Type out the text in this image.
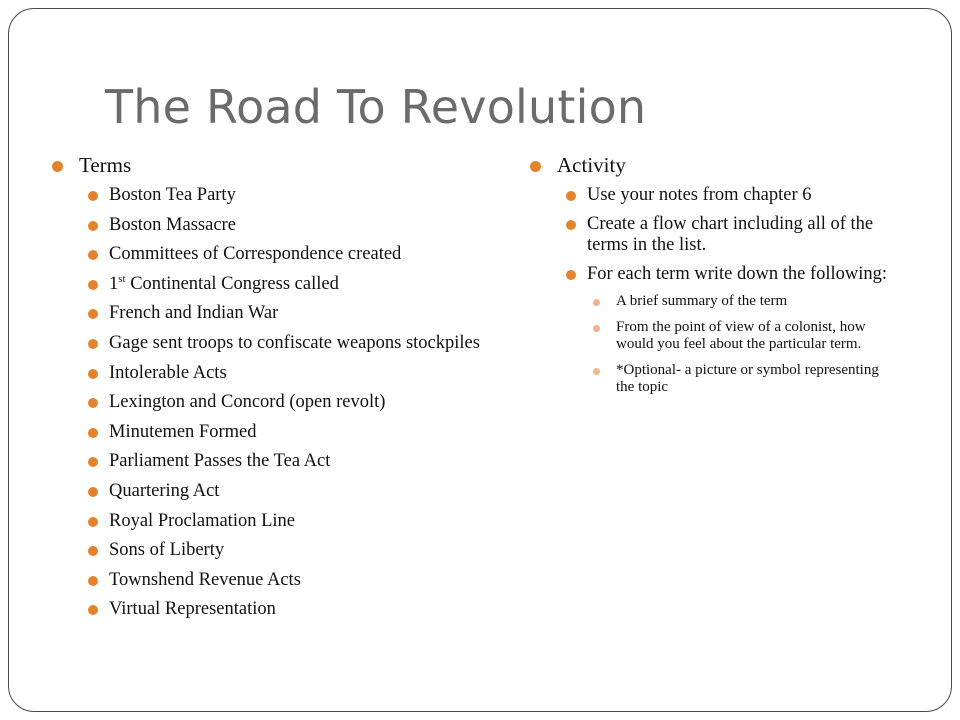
The Road To Revolution
Terms
Boston Tea Party
Boston Massacre
Committees of Correspondence created
1st Continental Congress called
French and Indian War
Gage sent troops to confiscate weapons stockpiles
Intolerable Acts
Lexington and Concord (open revolt)
Minutemen Formed
Parliament Passes the Tea Act
Quartering Act
Royal Proclamation Line
Sons of Liberty
Townshend Revenue Acts
Virtual Representation
Activity
Use your notes from chapter 6
Create a flow chart including all of the terms in the list.
For each term write down the following:
A brief summary of the term
From the point of view of a colonist, how would you feel about the particular term.
*Optional- a picture or symbol representing the topic
